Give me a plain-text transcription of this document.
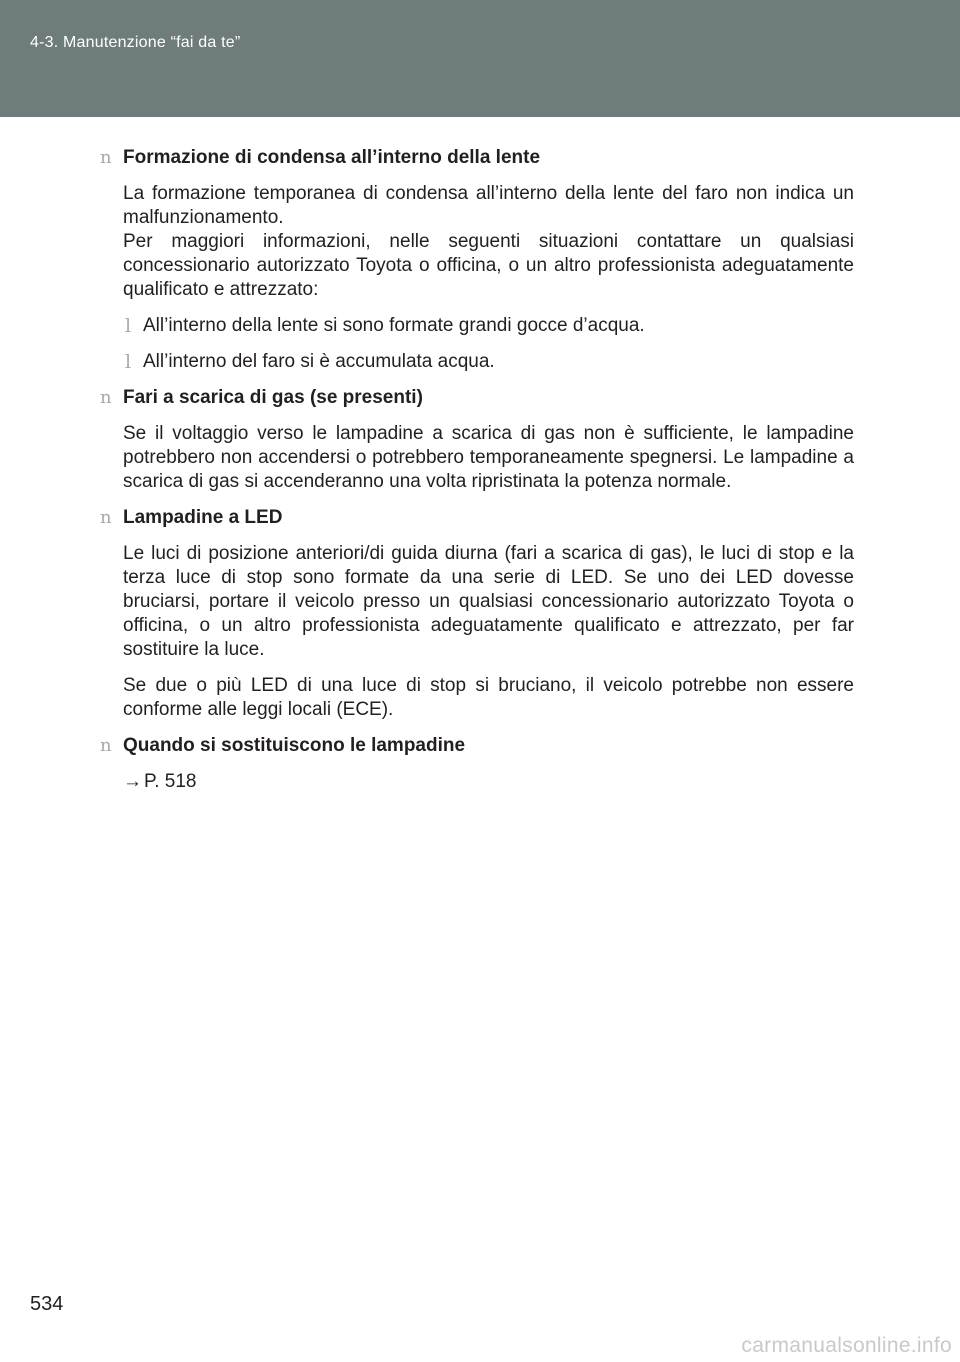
4-3. Manutenzione “fai da te”
n Formazione di condensa all’interno della lente
La formazione temporanea di condensa all’interno della lente del faro non indica un malfunzionamento.
Per maggiori informazioni, nelle seguenti situazioni contattare un qualsiasi concessionario autorizzato Toyota o officina, o un altro professionista adeguatamente qualificato e attrezzato:
l All’interno della lente si sono formate grandi gocce d’acqua.
l All’interno del faro si è accumulata acqua.
n Fari a scarica di gas (se presenti)
Se il voltaggio verso le lampadine a scarica di gas non è sufficiente, le lampadine potrebbero non accendersi o potrebbero temporaneamente spegnersi. Le lampadine a scarica di gas si accenderanno una volta ripristinata la potenza normale.
n Lampadine a LED
Le luci di posizione anteriori/di guida diurna (fari a scarica di gas), le luci di stop e la terza luce di stop sono formate da una serie di LED. Se uno dei LED dovesse bruciarsi, portare il veicolo presso un qualsiasi concessionario autorizzato Toyota o officina, o un altro professionista adeguatamente qualificato e attrezzato, per far sostituire la luce.
Se due o più LED di una luce di stop si bruciano, il veicolo potrebbe non essere conforme alle leggi locali (ECE).
n Quando si sostituiscono le lampadine
→ P. 518
534
carmanualsonline.info
